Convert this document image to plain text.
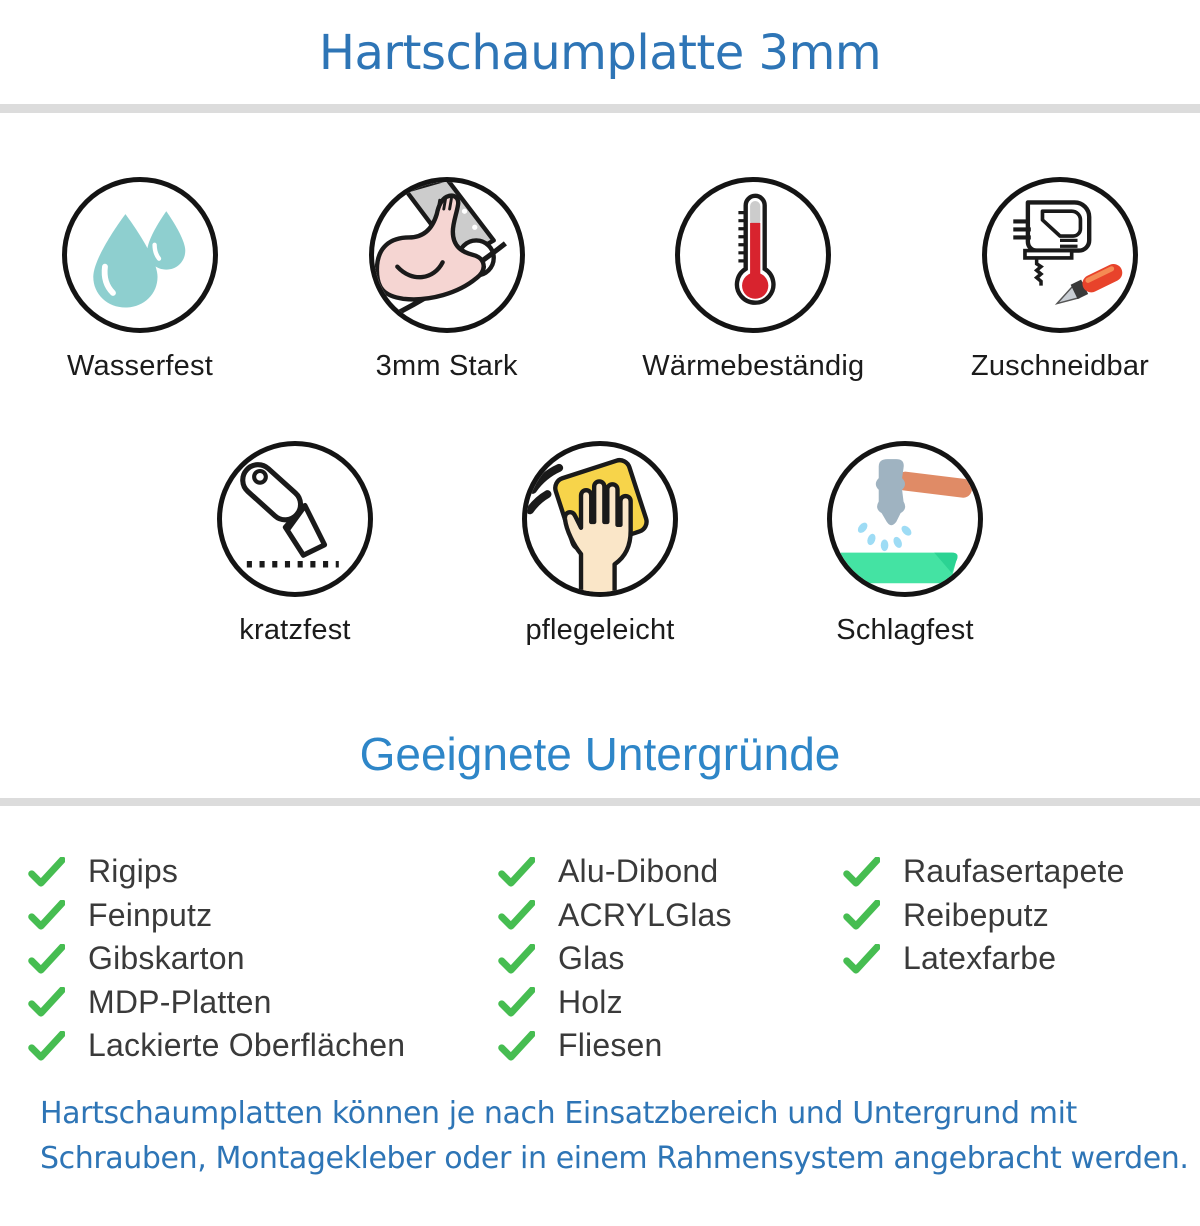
Hartschaumplatte 3mm
Wasserfest	3mm Stark	Wärmebeständig	Zuschneidbar
kratzfest	pflegeleicht	Schlagfest
Geeignete Untergründe
Rigips
Feinputz
Gibskarton
MDP-Platten
Lackierte Oberflächen
Alu-Dibond
ACRYLGlas
Glas
Holz
Fliesen
Raufasertapete
Reibeputz
Latexfarbe

Hartschaumplatten können je nach Einsatzbereich und Untergrund mit

Schrauben, Montagekleber oder in einem Rahmensystem angebracht werden.
